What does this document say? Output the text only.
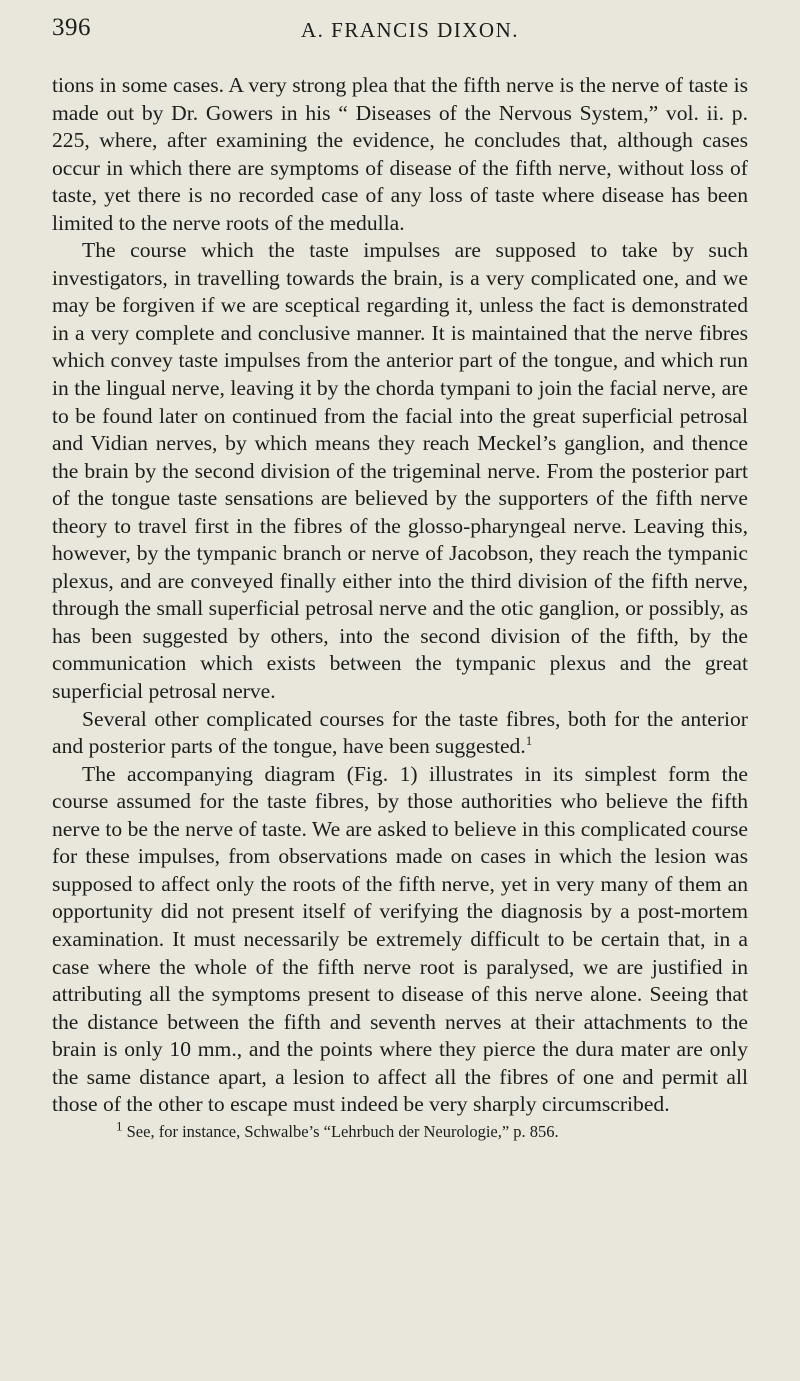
396	A. FRANCIS DIXON.

tions in some cases. A very strong plea that the fifth nerve is the nerve of taste is made out by Dr. Gowers in his “ Diseases of the Nervous System,” vol. ii. p. 225, where, after examining the evidence, he concludes that, although cases occur in which there are symptoms of disease of the fifth nerve, without loss of taste, yet there is no recorded case of any loss of taste where disease has been limited to the nerve roots of the medulla.

The course which the taste impulses are supposed to take by such investigators, in travelling towards the brain, is a very complicated one, and we may be forgiven if we are sceptical regarding it, unless the fact is demonstrated in a very complete and conclusive manner. It is maintained that the nerve fibres which convey taste impulses from the anterior part of the tongue, and which run in the lingual nerve, leaving it by the chorda tympani to join the facial nerve, are to be found later on continued from the facial into the great superficial petrosal and Vidian nerves, by which means they reach Meckel’s ganglion, and thence the brain by the second division of the trigeminal nerve. From the posterior part of the tongue taste sensations are believed by the supporters of the fifth nerve theory to travel first in the fibres of the glosso-pharyngeal nerve. Leaving this, however, by the tympanic branch or nerve of Jacobson, they reach the tympanic plexus, and are conveyed finally either into the third division of the fifth nerve, through the small superficial petrosal nerve and the otic ganglion, or possibly, as has been suggested by others, into the second division of the fifth, by the communication which exists between the tympanic plexus and the great superficial petrosal nerve.

Several other complicated courses for the taste fibres, both for the anterior and posterior parts of the tongue, have been suggested.$^1$

The accompanying diagram (Fig. 1) illustrates in its simplest form the course assumed for the taste fibres, by those authorities who believe the fifth nerve to be the nerve of taste. We are asked to believe in this complicated course for these impulses, from observations made on cases in which the lesion was supposed to affect only the roots of the fifth nerve, yet in very many of them an opportunity did not present itself of verifying the diagnosis by a post-mortem examination. It must necessarily be extremely difficult to be certain that, in a case where the whole of the fifth nerve root is paralysed, we are justified in attributing all the symptoms present to disease of this nerve alone. Seeing that the distance between the fifth and seventh nerves at their attachments to the brain is only 10 mm., and the points where they pierce the dura mater are only the same distance apart, a lesion to affect all the fibres of one and permit all those of the other to escape must indeed be very sharply circumscribed.

$^1$ See, for instance, Schwalbe’s “Lehrbuch der Neurologie,” p. 856.
